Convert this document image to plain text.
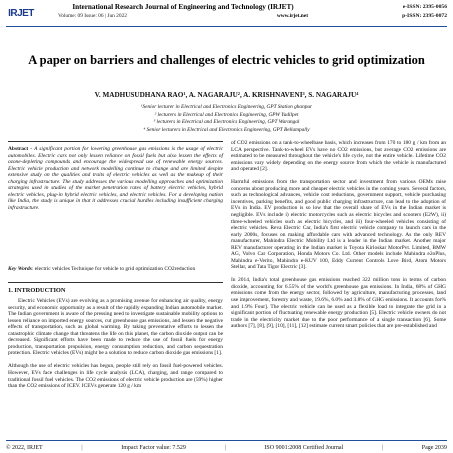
IRJET
International Research Journal of Engineering and Technology (IRJET)
Volume: 09 Issue: 06 | Jun 2022	www.irjet.net
e-ISSN: 2395-0056
p-ISSN: 2395-0072
A paper on barriers and challenges of electric vehicles to grid optimization
V. MADHUSUDHANA RAO¹, A. NAGARAJU², A. KRISHNAVENI³, S. NAGARAJU⁴
¹Senior lecturer in Electrical and Electronics Engineering, GPT Station ghanpur
² lecturers in Electrical and Electronics Engineering, GPW Yadilpet
³ lecturers in Electrical and Electronics Engineering, GPT Warangal
⁴ Senior lecturers in Electrical and Electronics Engineering, GPT Bellampally
Abstract - A significant portion for lowering greenhouse gas emissions is the usage of electric automobiles. Electric cars not only lessen reliance on fossil fuels but also lessen the effects of ozone-depleting compounds and encourage the widespread use of renewable energy sources. Electric vehicle production and network modelling continue to change and are limited despite extensive study on the qualities and traits of electric vehicles as well as the makeup of their charging infrastructure. The study addresses the various modelling approaches and optimization strategies used in studies of the market penetration rates of battery electric vehicles, hybrid electric vehicles, plug-in hybrid electric vehicles, and electric vehicles. For a developing nation like India, the study is unique in that it addresses crucial hurdles including insufficient charging infrastructure.
Key Words: electric vehicles Technique for vehicle to grid optimization CO2reduction
1. INTRODUCTION

Electric Vehicles (EVs) are evolving as a promising avenue for enhancing air quality, energy security, and economic opportunity as a result of the rapidly expanding Indian automobile market. The Indian government is aware of the pressing need to investigate sustainable mobility options to lessen reliance on imported energy sources, cut greenhouse gas emissions, and lessen the negative effects of transportation, such as global warming. By taking preventative efforts to lessen the catastrophic climate change that threatens the life on this planet, the carbon dioxide output can be decreased. Significant efforts have been made to reduce the use of fossil fuels for energy production, transportation propulsion, energy consumption reduction, and carbon sequestration protection. Electric vehicles (EVs) might be a solution to reduce carbon dioxide gas emissions [1].

Although the use of electric vehicles has begun, people still rely on fossil fuel-powered vehicles. However, EVs face challenges in life cycle analysis (LCA), charging, and range compared to traditional fossil fuel vehicles. The CO2 emissions of electric vehicle production are (59%) higher than the CO2 emissions of ICEV. ICEVs generate 120 g / km

of CO2 emissions on a tank-to-wheelbase basis, which increases from 170 to 180 g / km from an LCA perspective. Tank-to-wheel EVs have no CO2 emissions, but average CO2 emissions are estimated to be measured throughout the vehicle's life cycle, not the entire vehicle. Lifetime CO2 emissions vary widely depending on the energy source from which the vehicle is manufactured and operated [2].

Harmful emissions from the transportation sector and investment from various OEMs raise concerns about producing more and cheaper electric vehicles in the coming years. Several factors, such as technological advances, vehicle cost reductions, government support, vehicle purchasing incentives, parking benefits, and good public charging infrastructure, can lead to the adoption of EVs in India. EV production is so low that the overall share of EVs in the Indian market is negligible. EVs include i) electric motorcycles such as electric bicycles and scooters (E2W), ii) three-wheeled vehicles such as electric bicycles, and iii) four-wheeled vehicles consisting of electric vehicles. Reva Electric Car, India's first electric vehicle company to launch cars in the early 2000s, focuses on making affordable cars with advanced technology. As the only REV manufacturer, Mahindra Electric Mobility Ltd is a leader in the Indian market. Another major REV manufacturer operating in the Indian market is Toyota Kirloskar MotorPvt. Limited, BMW AG, Volvo Car Corporation, Honda Motors Co. Ltd. Other models include Mahindra e2oPlus, Mahindra e-Verito, Mahindra e-KUV 100, Eddy Current Controls Love Bird, Atom Motors Stellar, and Tata Tigor Electric [3].

In 2014, India's total greenhouse gas emissions reached 322 million tons in terms of carbon dioxide, accounting for 6.55% of the world's greenhouse gas emissions. In India, 68% of GHG emissions come from the energy sector, followed by agriculture, manufacturing processes, land use improvement, forestry and waste, 19.6%, 6.0% and 3.8% of GHG emissions. It accounts for% and 1.9% Four]. The electric vehicle can be used as a flexible load to integrate the grid in a significant portion of fluctuating renewable energy production [5]. Electric vehicle owners do not trade in the electricity market due to the poor performance of a single transaction [6]. Some authors [7], [8], [9], [10], [11], [12] estimate current smart policies that are pre-established and

© 2022, IRJET	|	Impact Factor value: 7.529	|	ISO 9001:2008 Certified Journal	|	Page 2039
